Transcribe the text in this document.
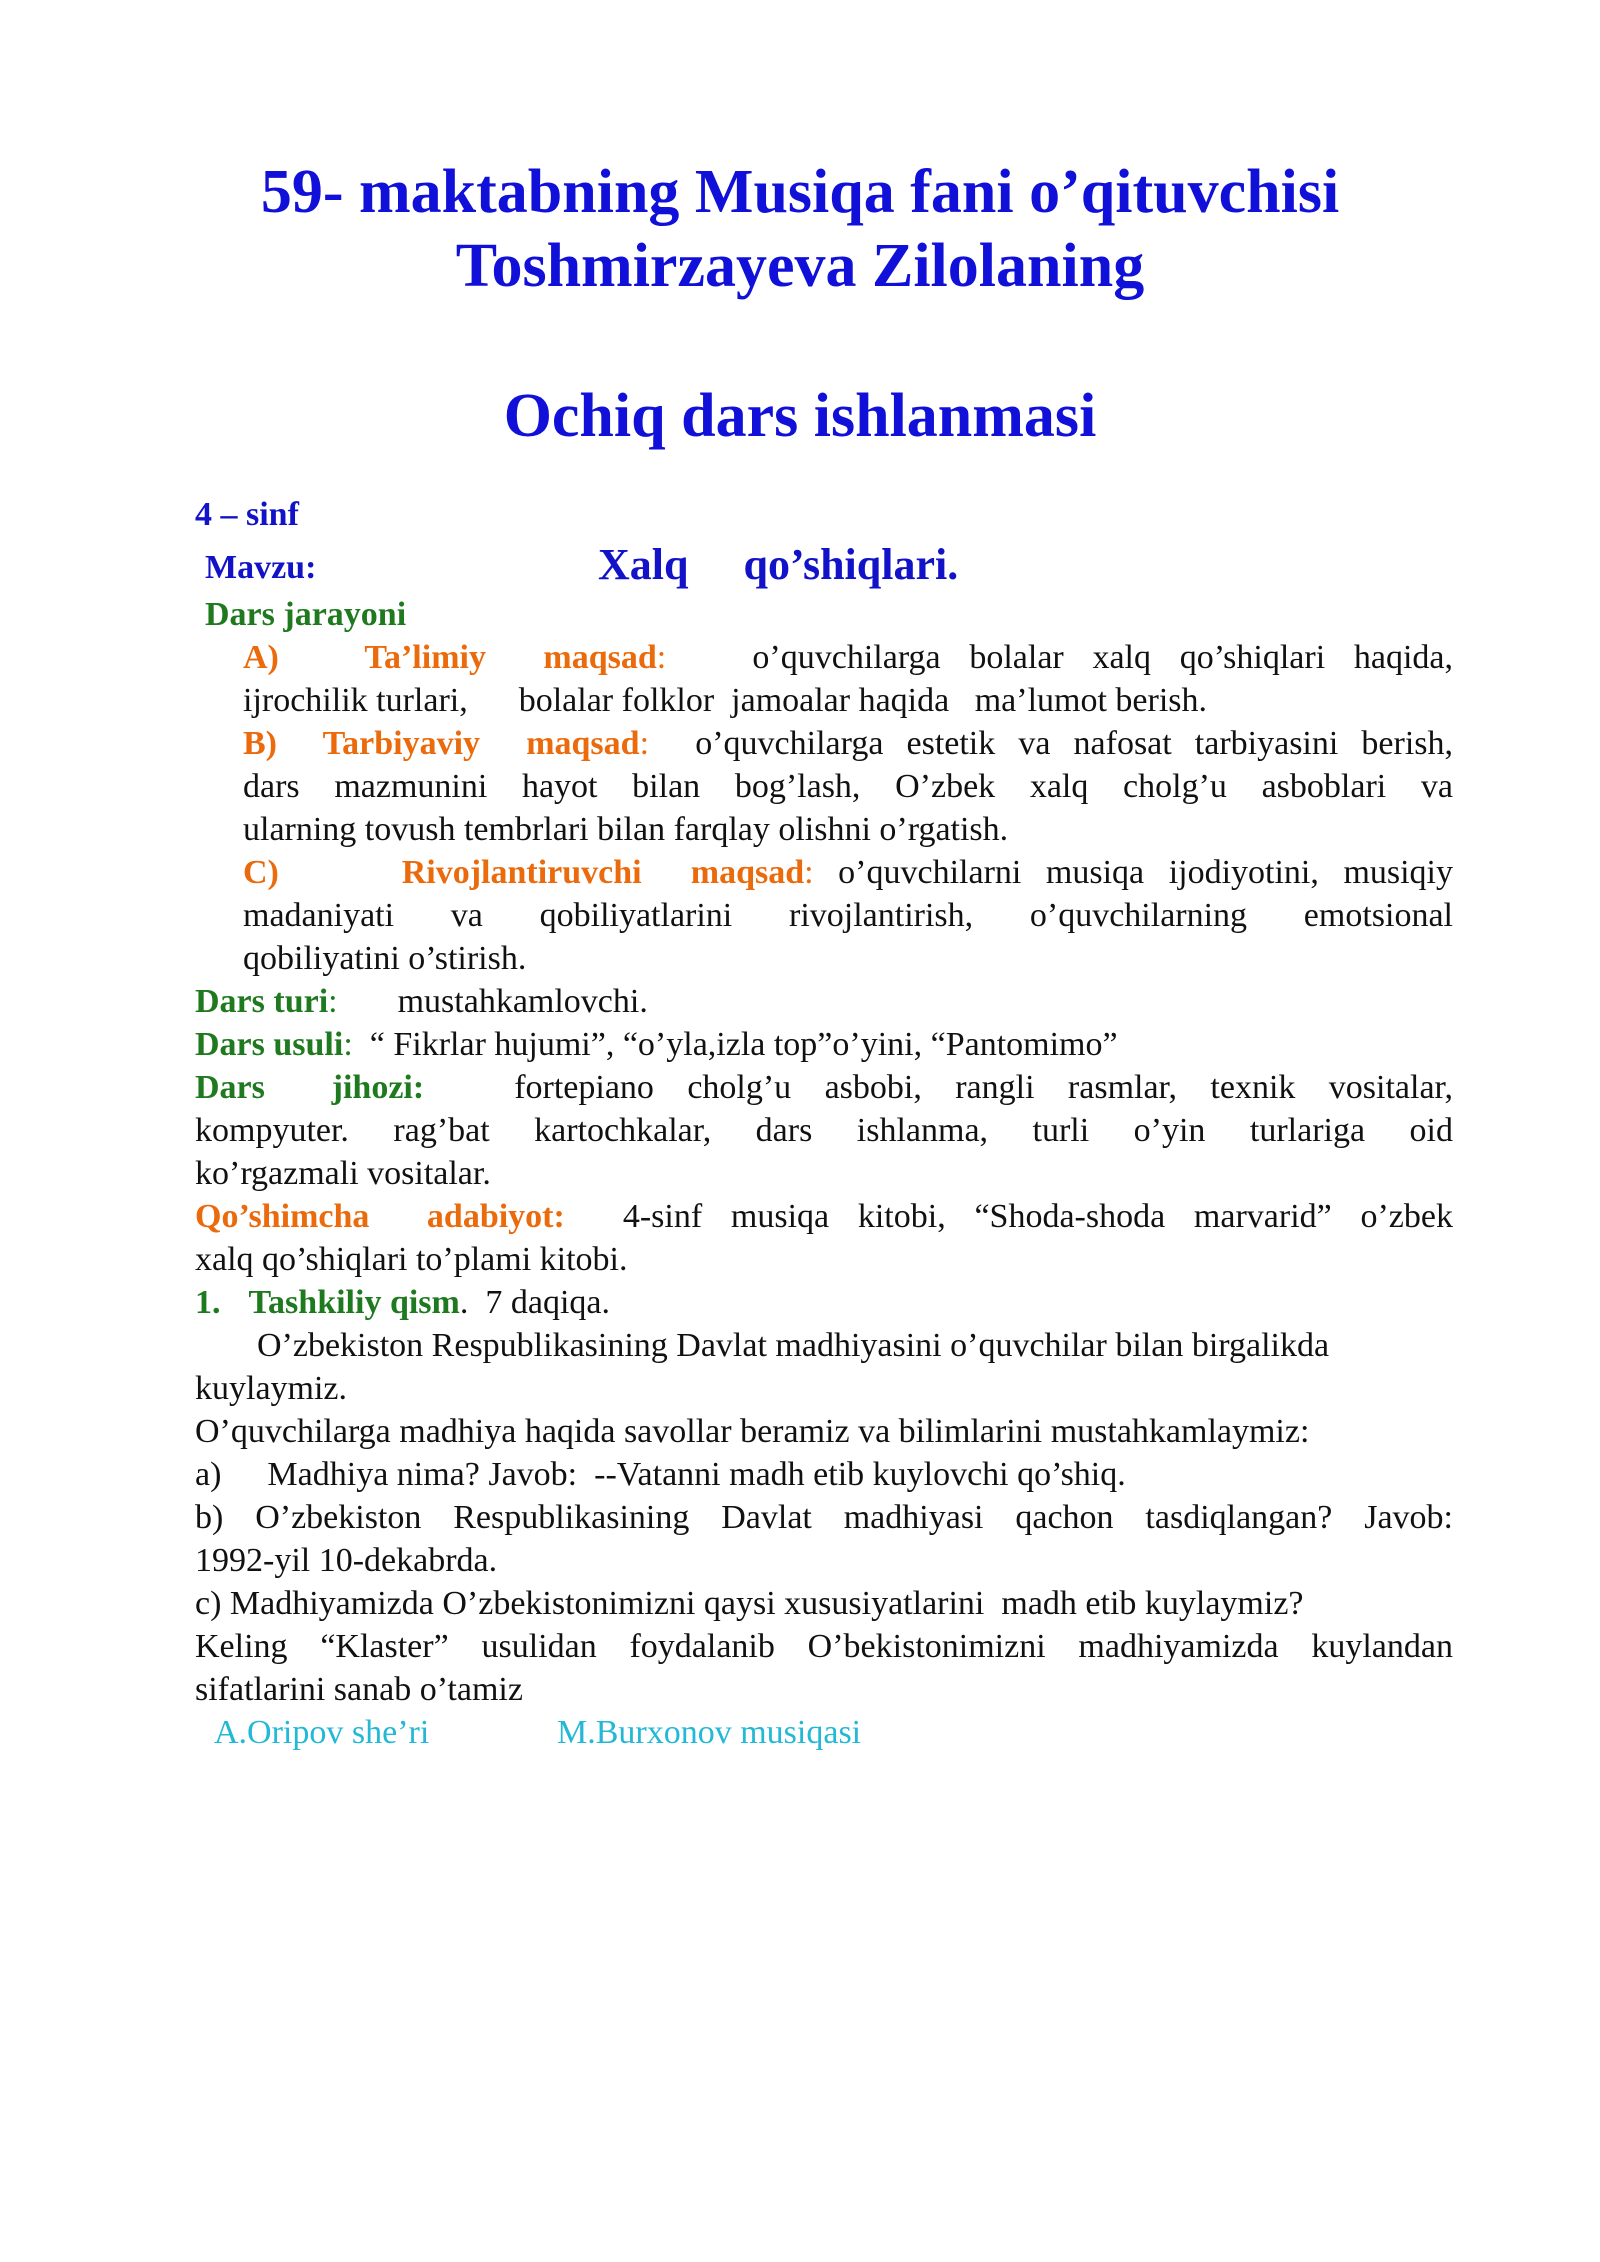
59- maktabning Musiqa fani o’qituvchisi
Toshmirzayeva Zilolaning
Ochiq dars ishlanmasi
4 – sinf
Mavzu:	Xalq     qo’shiqlari.
Dars jarayoni
A)   Ta’limiy  maqsad:	o’quvchilarga bolalar xalq qo’shiqlari haqida,
ijrochilik turlari,      bolalar folklor  jamoalar haqida   ma’lumot berish.
B)  Tarbiyaviy  maqsad: o’quvchilarga estetik va nafosat tarbiyasini berish,
dars mazmunini hayot bilan bog’lash, O’zbek xalq cholg’u asboblari va
ularning tovush tembrlari bilan farqlay olishni o’rgatish.
C)     Rivojlantiruvchi  maqsad: o’quvchilarni musiqa ijodiyotini, musiqiy
madaniyati va qobiliyatlarini rivojlantirish, o’quvchilarning emotsional
qobiliyatini o’stirish.
Dars turi: mustahkamlovchi.
Dars usuli: “ Fikrlar hujumi”, “o’yla,izla top”o’yini, “Pantomimo”
Dars  jihozi:	fortepiano cholg’u asbobi, rangli rasmlar, texnik vositalar,
kompyuter. rag’bat kartochkalar, dars ishlanma, turli o’yin turlariga oid
ko’rgazmali vositalar.
Qo’shimcha  adabiyot: 4-sinf musiqa kitobi, “Shoda-shoda marvarid” o’zbek
xalq qo’shiqlari to’plami kitobi.
1. Tashkiliy qism.  7 daqiqa.
O’zbekiston Respublikasining Davlat madhiyasini o’quvchilar bilan birgalikda
kuylaymiz.
O’quvchilarga madhiya haqida savollar beramiz va bilimlarini mustahkamlaymiz:
a) Madhiya nima? Javob:  --Vatanni madh etib kuylovchi qo’shiq.
b) O’zbekiston Respublikasining Davlat madhiyasi qachon tasdiqlangan? Javob:
1992-yil 10-dekabrda.
c) Madhiyamizda O’zbekistonimizni qaysi xususiyatlarini  madh etib kuylaymiz?
Keling “Klaster” usulidan foydalanib O’bekistonimizni madhiyamizda kuylandan
sifatlarini sanab o’tamiz
A.Oripov she’ri	M.Burxonov musiqasi
